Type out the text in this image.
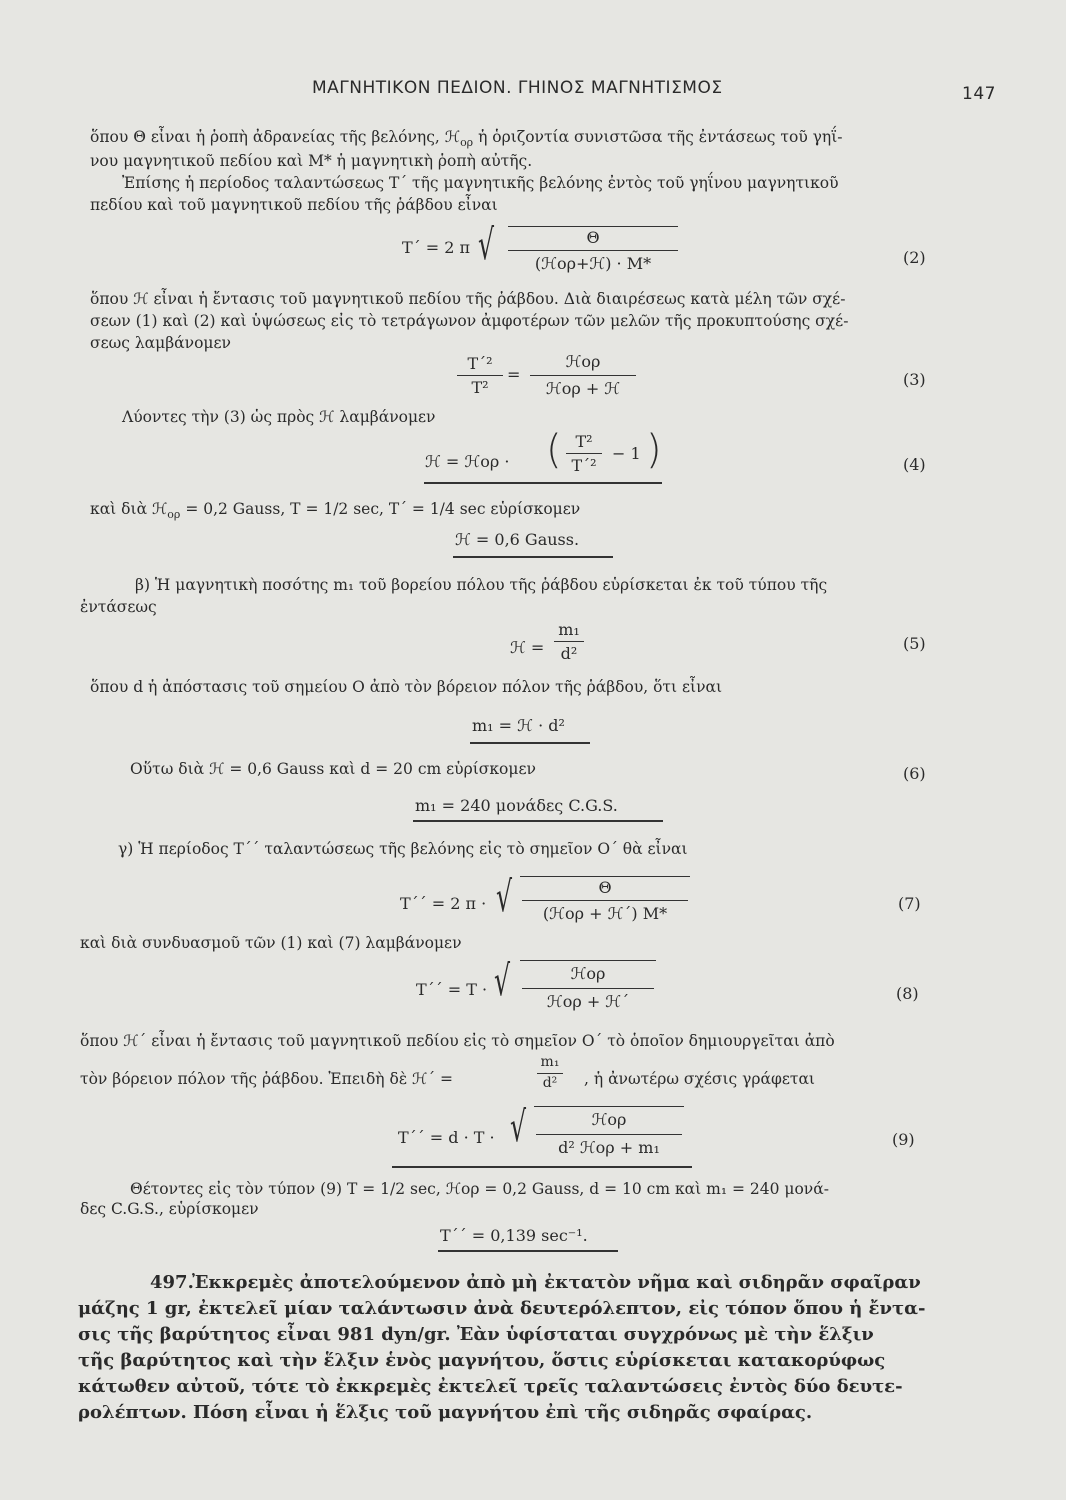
ΜΑΓΝΗΤΙΚΟΝ ΠΕΔΙΟΝ. ΓΗΙΝΟΣ ΜΑΓΝΗΤΙΣΜΟΣ	147
ὅπου Θ εἶναι ἡ ῥοπὴ ἀδρανείας τῆς βελόνης, ℋ$_{o\rho}$ ἡ ὁριζοντία συνιστῶσα τῆς ἐντάσεως τοῦ γηΐ-
νου μαγνητικοῦ πεδίου καὶ Μ* ἡ μαγνητικὴ ῥοπὴ αὐτῆς.
Ἐπίσης ἡ περίοδος ταλαντώσεως Τ΄ τῆς μαγνητικῆς βελόνης ἐντὸς τοῦ γηΐνου μαγνητικοῦ
πεδίου καὶ τοῦ μαγνητικοῦ πεδίου τῆς ῥάβδου εἶναι
Τ΄ = 2 π √	Θ
(ℋορ+ℋ) · Μ*	(2)
ὅπου ℋ εἶναι ἡ ἔντασις τοῦ μαγνητικοῦ πεδίου τῆς ῥάβδου. Διὰ διαιρέσεως κατὰ μέλη τῶν σχέ-
σεων (1) καὶ (2) καὶ ὑψώσεως εἰς τὸ τετράγωνον ἀμφοτέρων τῶν μελῶν τῆς προκυπτούσης σχέ-
σεως λαμβάνομεν
Τ΄²
Τ²
=
ℋορ
ℋορ + ℋ	(3)
Λύοντες τὴν (3) ὡς πρὸς ℋ λαμβάνομεν
ℋ = ℋορ · ( Τ²
Τ΄²
− 1 )	(4)
καὶ διὰ ℋ$_{o\rho}$ = 0,2 Gauss, Τ = 1/2 sec, Τ΄ = 1/4 sec εὑρίσκομεν
ℋ = 0,6 Gauss.
β) Ἡ μαγνητικὴ ποσότης m₁ τοῦ βορείου πόλου τῆς ῥάβδου εὑρίσκεται ἐκ τοῦ τύπου τῆς
ἐντάσεως
ℋ =
m₁
d²
(5)
ὅπου d ἡ ἀπόστασις τοῦ σημείου Ο ἀπὸ τὸν βόρειον πόλον τῆς ῥάβδου, ὅτι εἶναι
m₁ = ℋ · d²
Οὕτω διὰ ℋ = 0,6 Gauss καὶ d = 20 cm εὑρίσκομεν	(6)
m₁ = 240 μονάδες C.G.S.
γ) Ἡ περίοδος Τ΄΄ ταλαντώσεως τῆς βελόνης εἰς τὸ σημεῖον Ο΄ θὰ εἶναι
Τ΄΄ = 2 π · √	Θ
(ℋορ + ℋ΄) Μ*
(7)
καὶ διὰ συνδυασμοῦ τῶν (1) καὶ (7) λαμβάνομεν
Τ΄΄ = Τ · √	ℋορ
ℋορ + ℋ΄	(8)
ὅπου ℋ΄ εἶναι ἡ ἔντασις τοῦ μαγνητικοῦ πεδίου εἰς τὸ σημεῖον Ο΄ τὸ ὁποῖον δημιουργεῖται ἀπὸ
τὸν βόρειον πόλον τῆς ῥάβδου. Ἐπειδὴ δὲ ℋ΄ =
m₁
d²	, ἡ ἀνωτέρω σχέσις γράφεται
Τ΄΄ = d · Τ · √	ℋορ
d² ℋορ + m₁	(9)
Θέτοντες εἰς τὸν τύπον (9) Τ = 1/2 sec, ℋορ = 0,2 Gauss, d = 10 cm καὶ m₁ = 240 μονά-
δες C.G.S., εὑρίσκομεν
Τ΄΄ = 0,139 sec⁻¹.
497.
Ἐκκρεμὲς ἀποτελούμενον ἀπὸ μὴ ἐκτατὸν νῆμα καὶ σιδηρᾶν σφαῖραν
μάζης 1 gr, ἐκτελεῖ μίαν ταλάντωσιν ἀνὰ δευτερόλεπτον, εἰς τόπον ὅπου ἡ ἔντα-
σις τῆς βαρύτητος εἶναι 981 dyn/gr. Ἐὰν ὑφίσταται συγχρόνως μὲ τὴν ἕλξιν
τῆς βαρύτητος καὶ τὴν ἕλξιν ἑνὸς μαγνήτου, ὅστις εὑρίσκεται κατακορύφως
κάτωθεν αὐτοῦ, τότε τὸ ἐκκρεμὲς ἐκτελεῖ τρεῖς ταλαντώσεις ἐντὸς δύο δευτε-
ρολέπτων. Πόση εἶναι ἡ ἕλξις τοῦ μαγνήτου ἐπὶ τῆς σιδηρᾶς σφαίρας.
